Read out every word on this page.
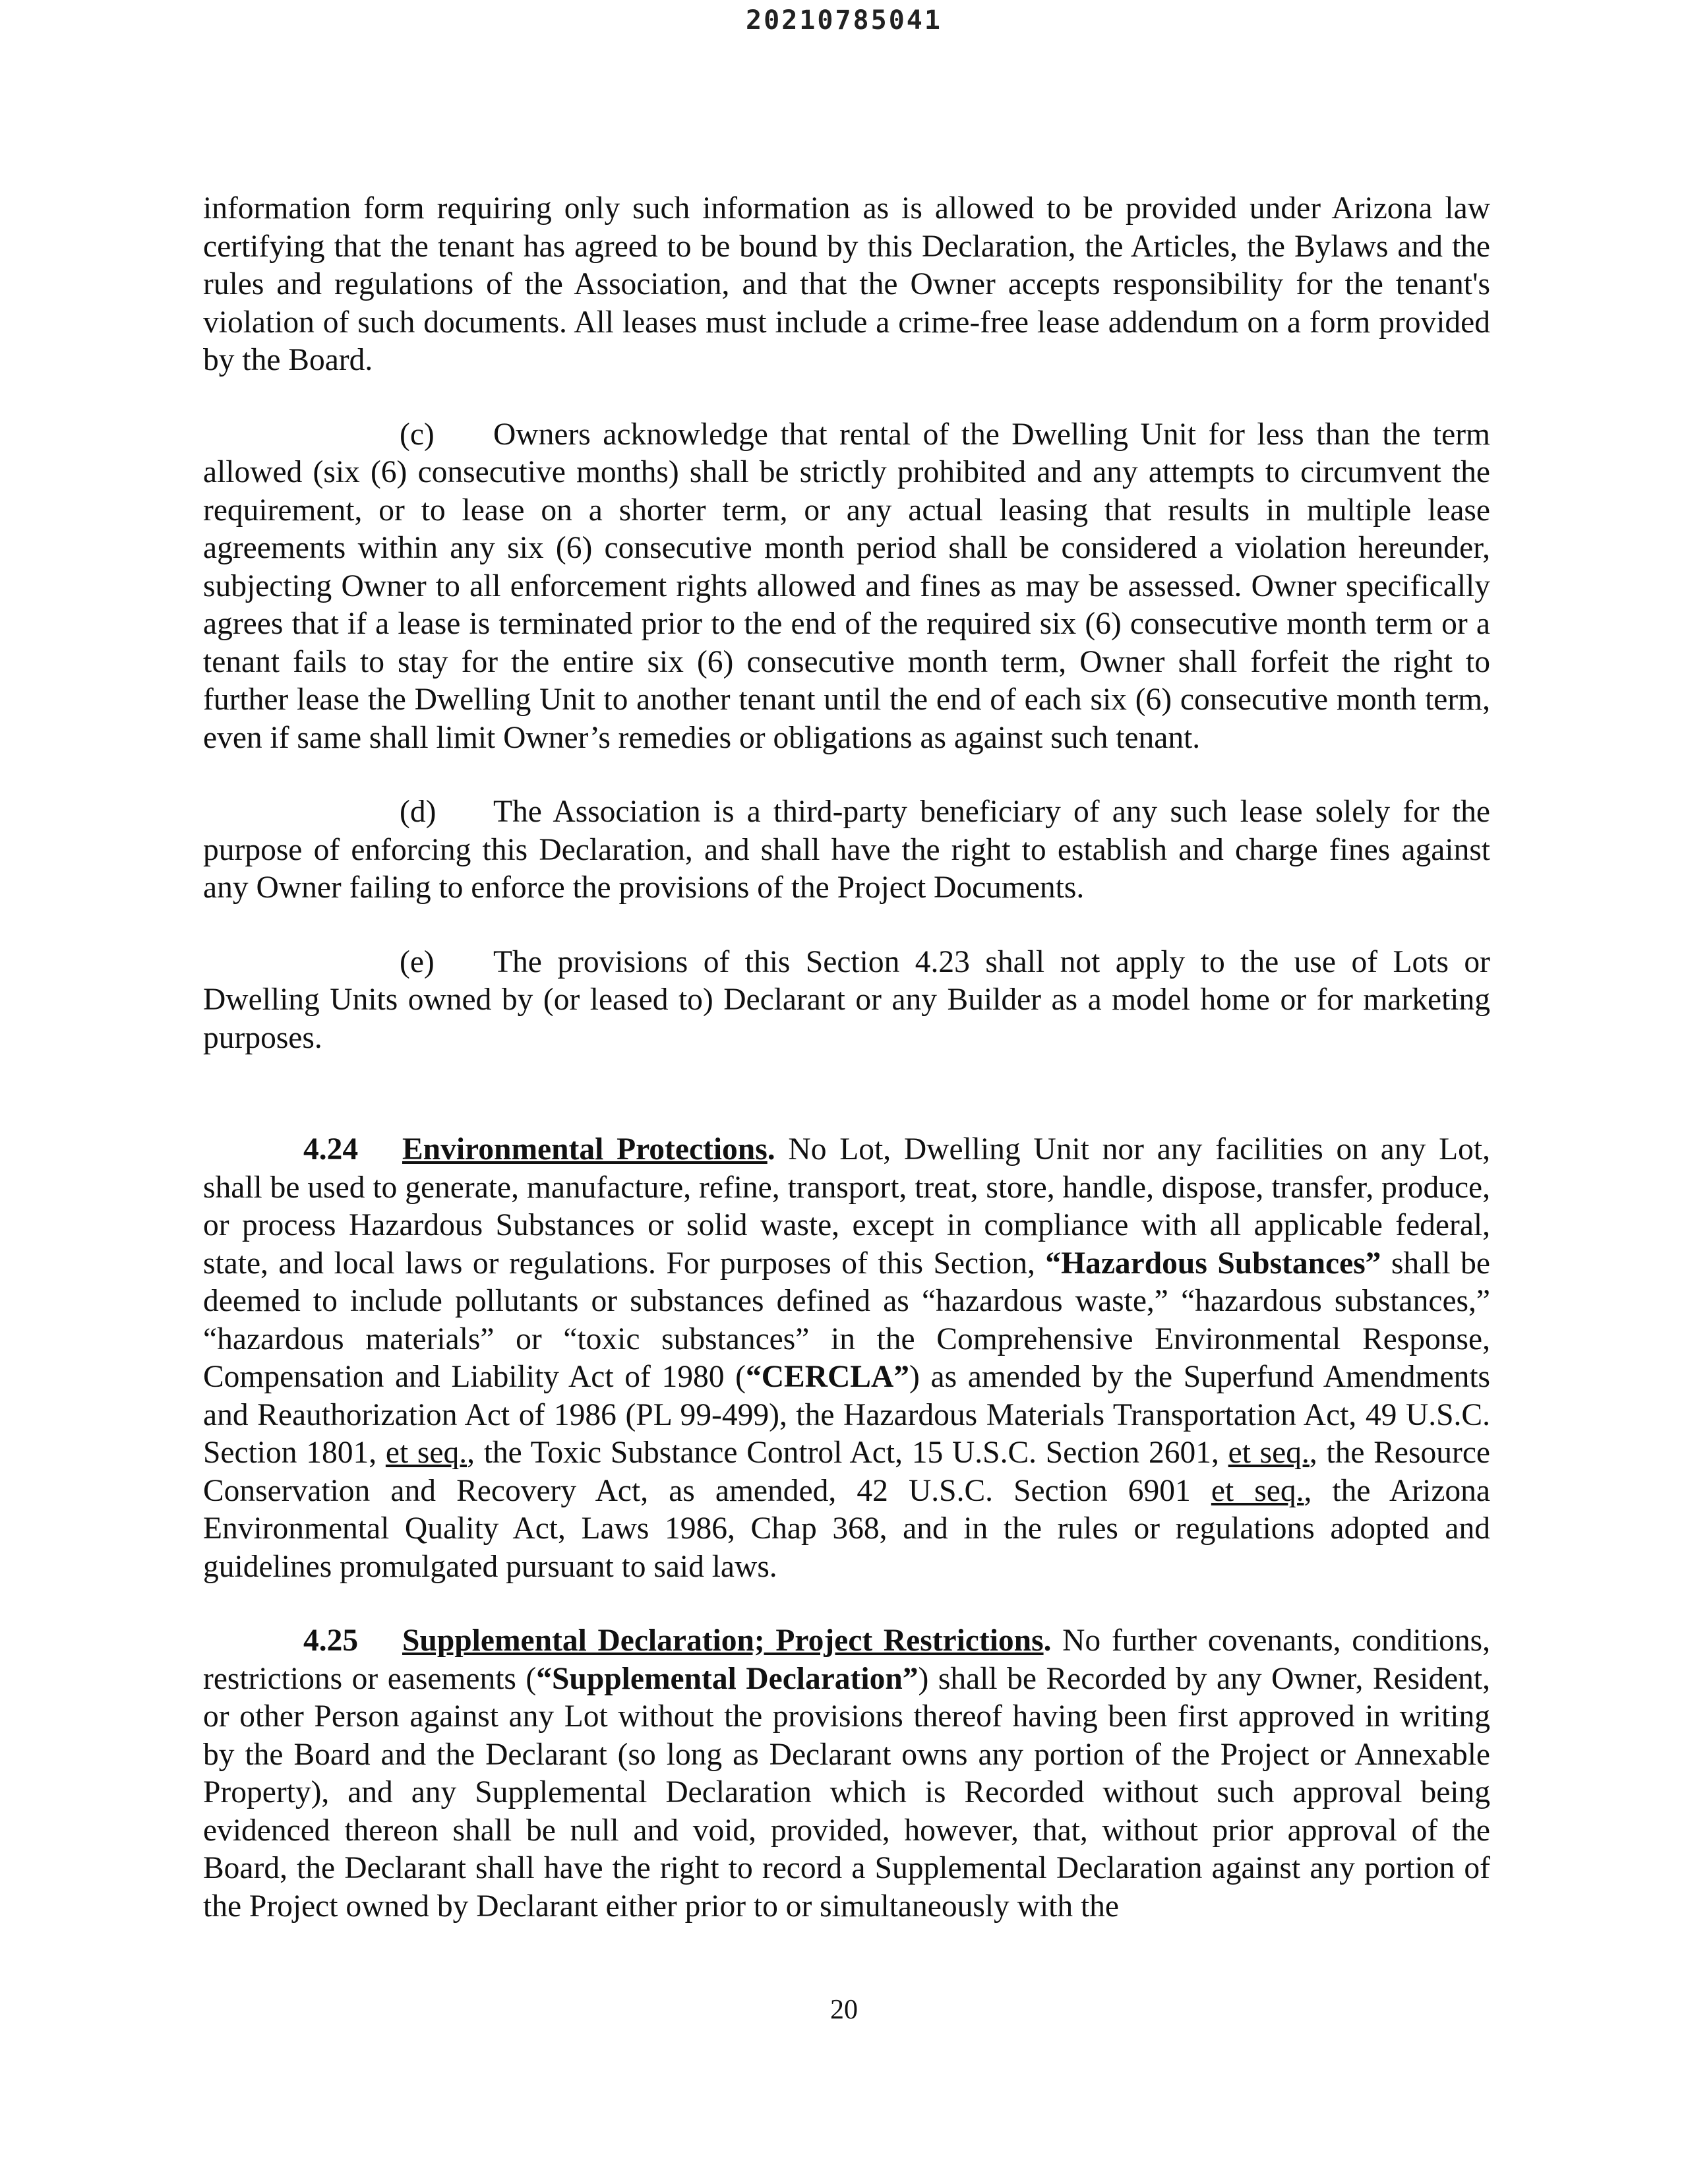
20210785041

information form requiring only such information as is allowed to be provided under Arizona law certifying that the tenant has agreed to be bound by this Declaration, the Articles, the Bylaws and the rules and regulations of the Association, and that the Owner accepts responsibility for the tenant's violation of such documents. All leases must include a crime-free lease addendum on a form provided by the Board.

(c) Owners acknowledge that rental of the Dwelling Unit for less than the term allowed (six (6) consecutive months) shall be strictly prohibited and any attempts to circumvent the requirement, or to lease on a shorter term, or any actual leasing that results in multiple lease agreements within any six (6) consecutive month period shall be considered a violation hereunder, subjecting Owner to all enforcement rights allowed and fines as may be assessed. Owner specifically agrees that if a lease is terminated prior to the end of the required six (6) consecutive month term or a tenant fails to stay for the entire six (6) consecutive month term, Owner shall forfeit the right to further lease the Dwelling Unit to another tenant until the end of each six (6) consecutive month term, even if same shall limit Owner’s remedies or obligations as against such tenant.

(d) The Association is a third-party beneficiary of any such lease solely for the purpose of enforcing this Declaration, and shall have the right to establish and charge fines against any Owner failing to enforce the provisions of the Project Documents.

(e) The provisions of this Section 4.23 shall not apply to the use of Lots or Dwelling Units owned by (or leased to) Declarant or any Builder as a model home or for marketing purposes.

4.24 Environmental Protections. No Lot, Dwelling Unit nor any facilities on any Lot, shall be used to generate, manufacture, refine, transport, treat, store, handle, dispose, transfer, produce, or process Hazardous Substances or solid waste, except in compliance with all applicable federal, state, and local laws or regulations. For purposes of this Section, “Hazardous Substances” shall be deemed to include pollutants or substances defined as “hazardous waste,” “hazardous substances,” “hazardous materials” or “toxic substances” in the Comprehensive Environmental Response, Compensation and Liability Act of 1980 (“CERCLA”) as amended by the Superfund Amendments and Reauthorization Act of 1986 (PL 99-499), the Hazardous Materials Transportation Act, 49 U.S.C. Section 1801, et seq., the Toxic Substance Control Act, 15 U.S.C. Section 2601, et seq., the Resource Conservation and Recovery Act, as amended, 42 U.S.C. Section 6901 et seq., the Arizona Environmental Quality Act, Laws 1986, Chap 368, and in the rules or regulations adopted and guidelines promulgated pursuant to said laws.

4.25 Supplemental Declaration; Project Restrictions. No further covenants, conditions, restrictions or easements (“Supplemental Declaration”) shall be Recorded by any Owner, Resident, or other Person against any Lot without the provisions thereof having been first approved in writing by the Board and the Declarant (so long as Declarant owns any portion of the Project or Annexable Property), and any Supplemental Declaration which is Recorded without such approval being evidenced thereon shall be null and void, provided, however, that, without prior approval of the Board, the Declarant shall have the right to record a Supplemental Declaration against any portion of the Project owned by Declarant either prior to or simultaneously with the

20
